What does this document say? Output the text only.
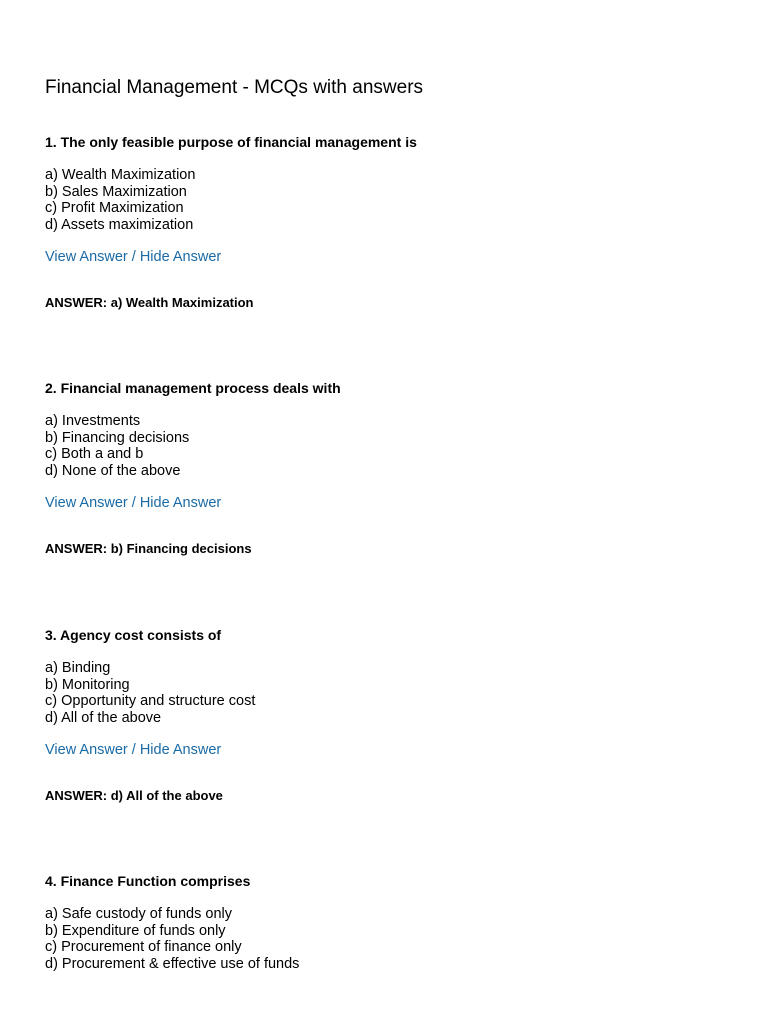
Financial Management - MCQs with answers
1. The only feasible purpose of financial management is
a) Wealth Maximization
b) Sales Maximization
c) Profit Maximization
d) Assets maximization
View Answer / Hide Answer
ANSWER: a) Wealth Maximization
2. Financial management process deals with
a) Investments
b) Financing decisions
c) Both a and b
d) None of the above
View Answer / Hide Answer
ANSWER: b) Financing decisions
3. Agency cost consists of
a) Binding
b) Monitoring
c) Opportunity and structure cost
d) All of the above
View Answer / Hide Answer
ANSWER: d) All of the above
4. Finance Function comprises
a) Safe custody of funds only
b) Expenditure of funds only
c) Procurement of finance only
d) Procurement & effective use of funds
